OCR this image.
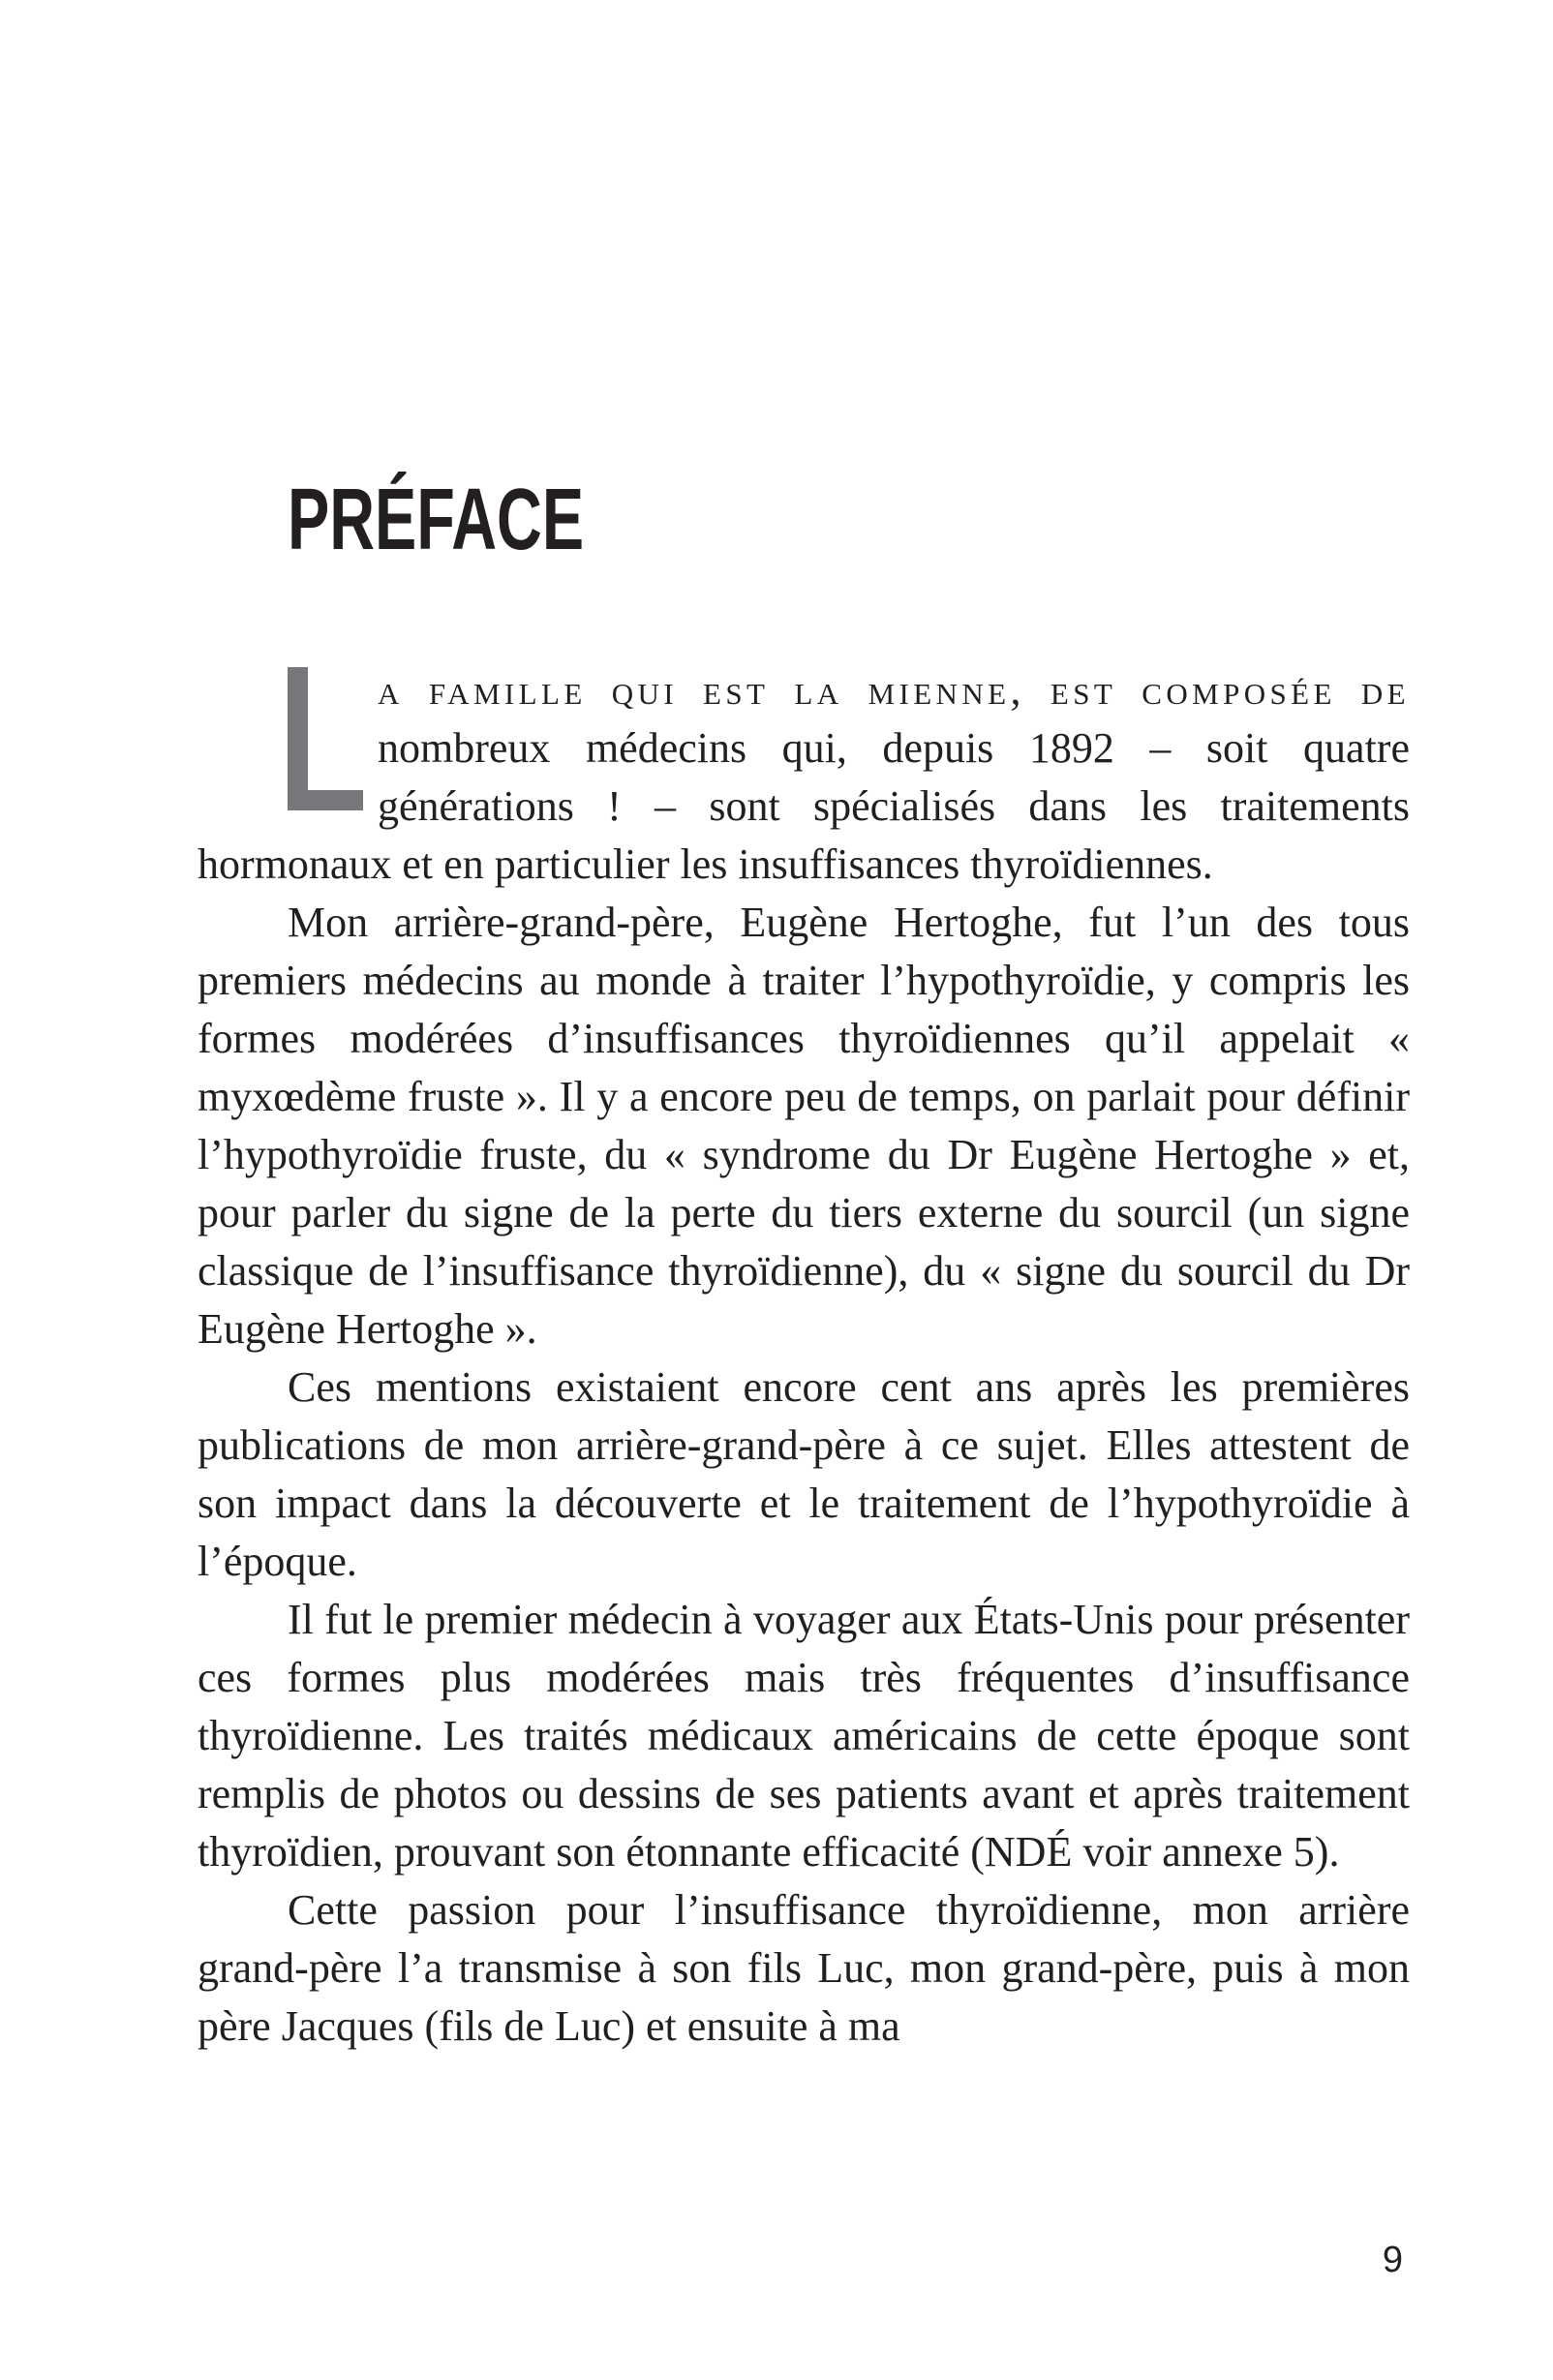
PRÉFACE

a famille qui est la mienne, est composée de
nombreux médecins qui, depuis 1892 – soit quatre générations ! – sont spécialisés dans les traitements hormonaux et en particulier les insuffisances thyroïdiennes.

Mon arrière-grand-père, Eugène Hertoghe, fut l’un des tous premiers médecins au monde à traiter l’hypothyroïdie, y compris les formes modérées d’insuffisances thyroïdiennes qu’il appelait « myxœdème fruste ». Il y a encore peu de temps, on parlait pour définir l’hypothyroïdie fruste, du « syndrome du Dr Eugène Hertoghe » et, pour parler du signe de la perte du tiers externe du sourcil (un signe classique de l’insuffisance thyroïdienne), du « signe du sourcil du Dr Eugène Hertoghe ».

Ces mentions existaient encore cent ans après les premières publications de mon arrière-grand-père à ce sujet. Elles attestent de son impact dans la découverte et le traitement de l’hypothyroïdie à l’époque.

Il fut le premier médecin à voyager aux États-Unis pour présenter ces formes plus modérées mais très fréquentes d’insuffisance thyroïdienne. Les traités médicaux américains de cette époque sont remplis de photos ou dessins de ses patients avant et après traitement thyroïdien, prouvant son étonnante efficacité (NDÉ voir annexe 5).

Cette passion pour l’insuffisance thyroïdienne, mon arrière grand-père l’a transmise à son fils Luc, mon grand-père, puis à mon père Jacques (fils de Luc) et ensuite à ma

9
